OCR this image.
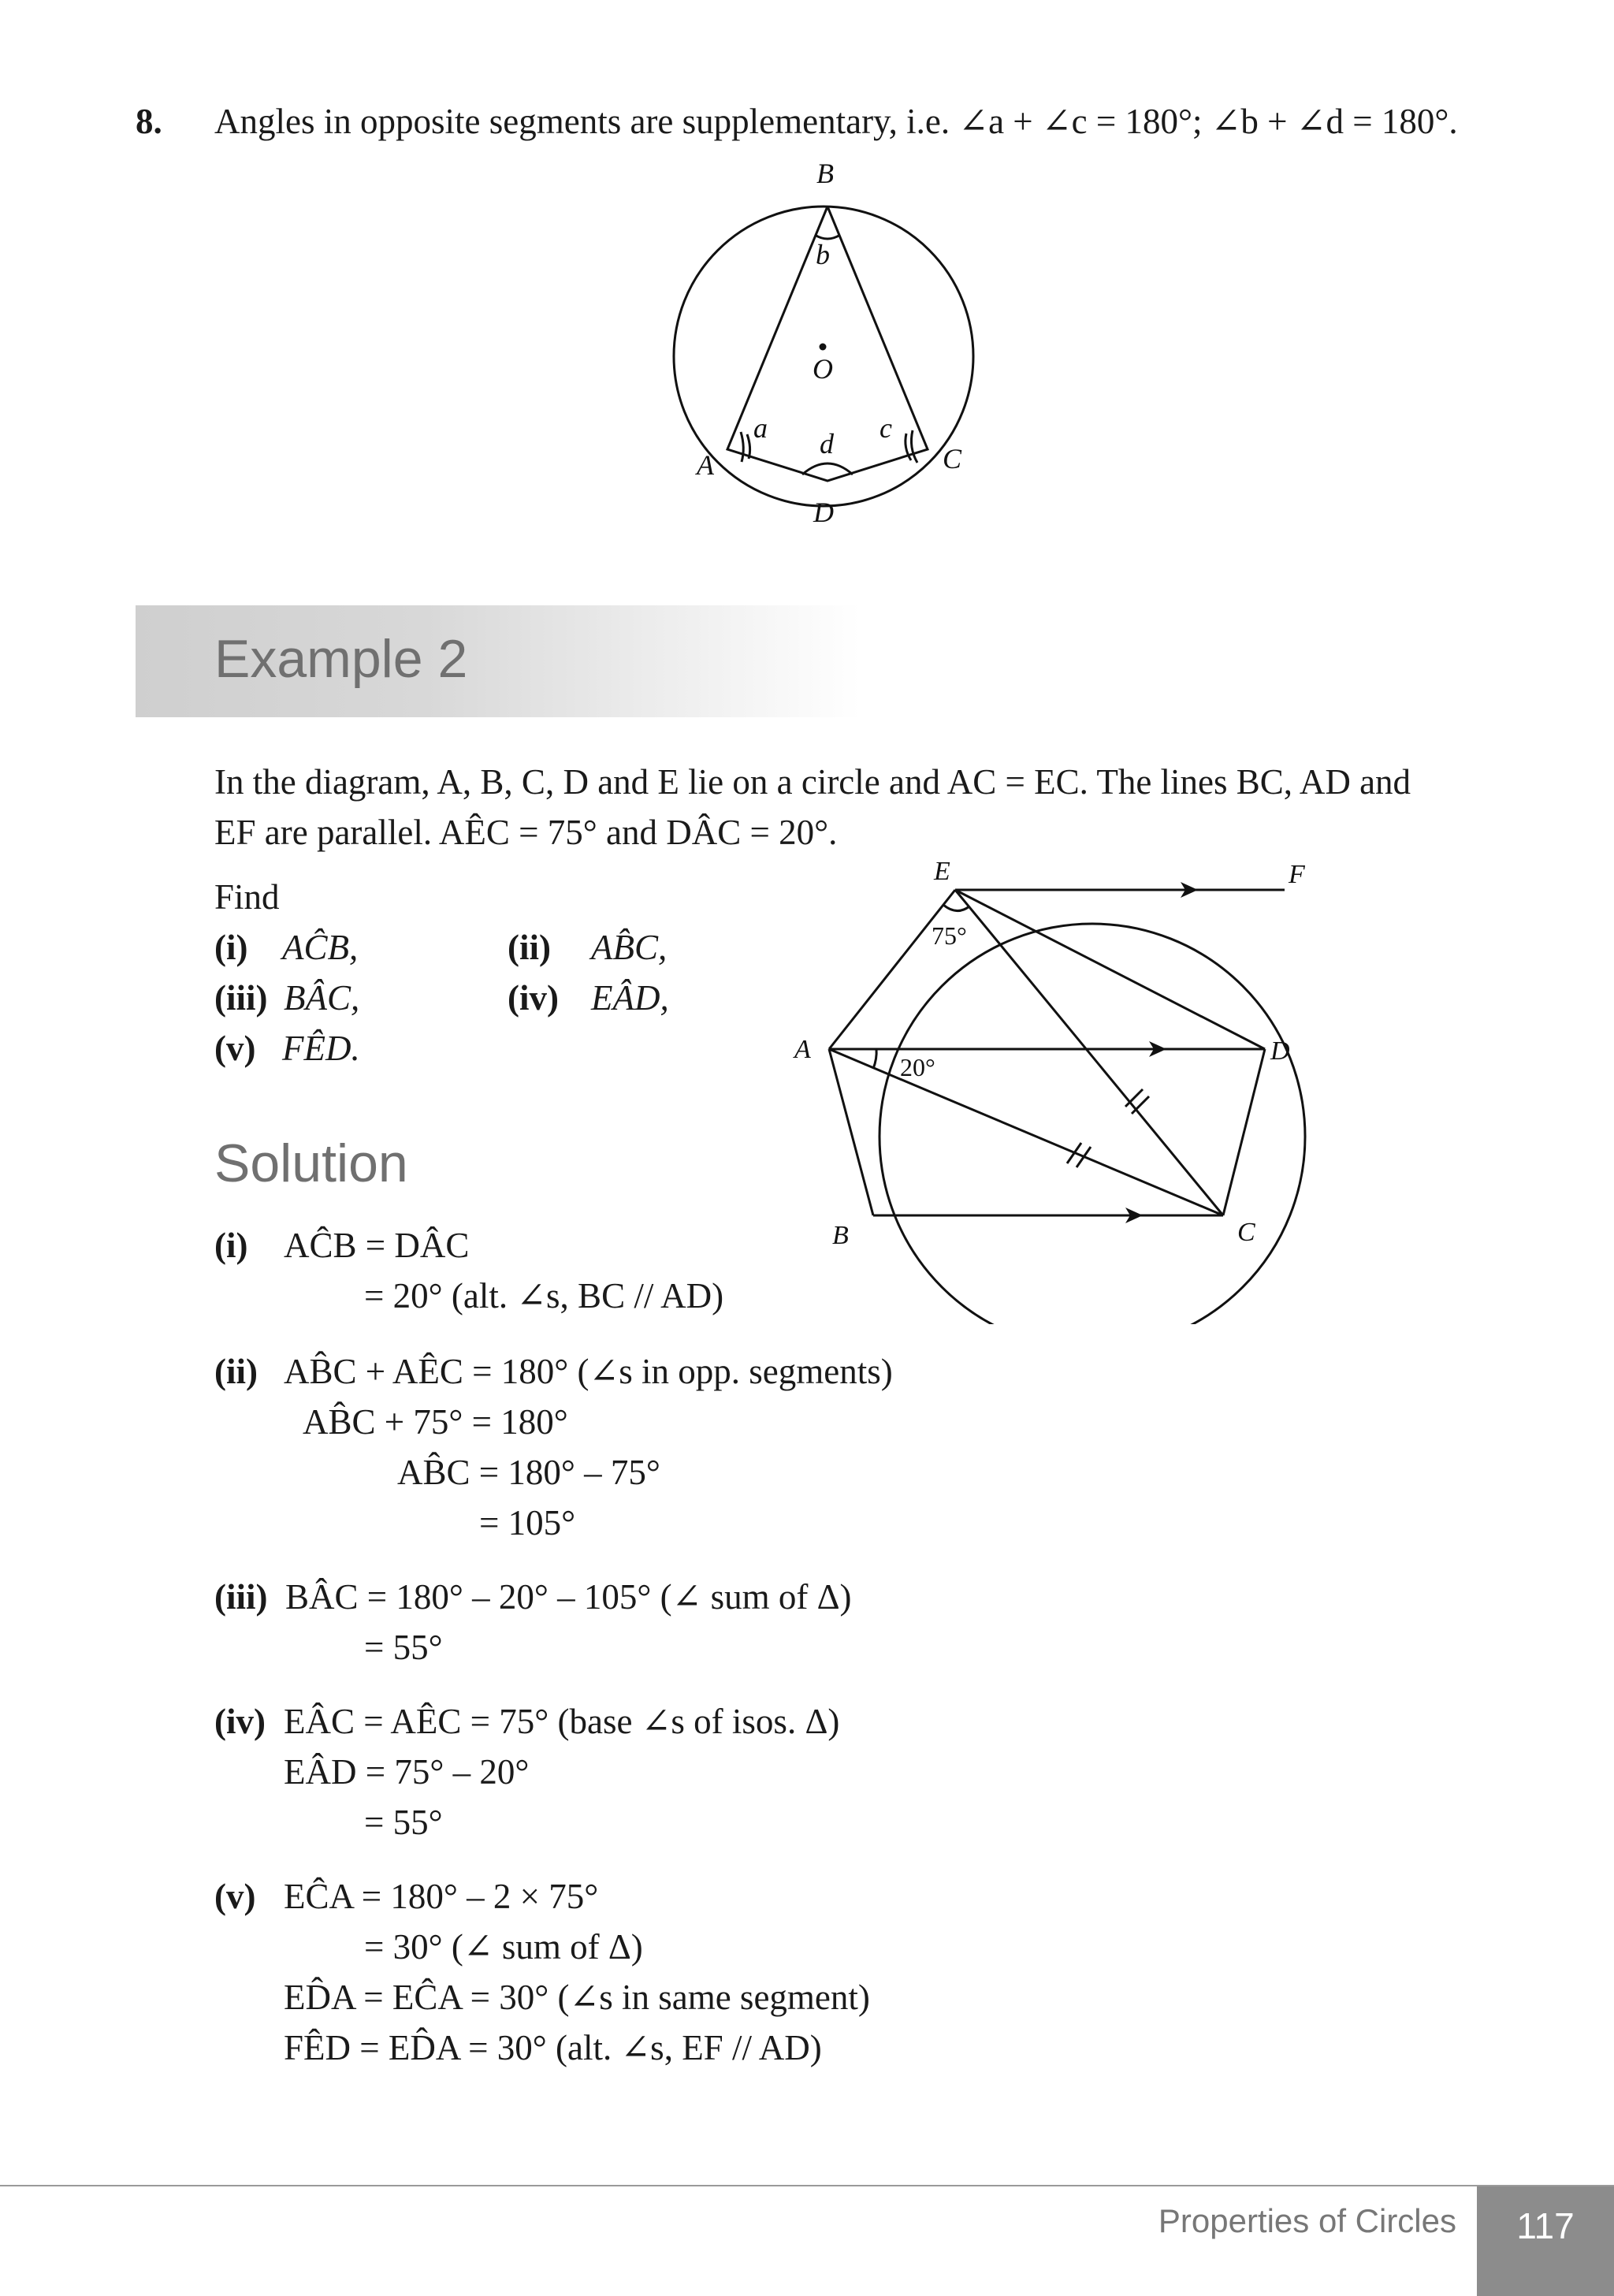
8. Angles in opposite segments are supplementary, i.e. ∠a + ∠c = 180°; ∠b + ∠d = 180°.
B
b
O
a d c
A	C
D
Example 2
In the diagram, A, B, C, D and E lie on a circle and AC = EC. The lines BC, AD and
EF are parallel. AÊC = 75° and DÂC = 20°.
Find
(i) AĈB,	(ii) AB̂C,
(iii) BÂC,	(iv) EÂD,
(v) FÊD.
E	F
A	D
B	C
75°
20°
Solution
(i) AĈB = DÂC
= 20° (alt. ∠s, BC // AD)
(ii) AB̂C + AÊC = 180° (∠s in opp. segments)
AB̂C + 75° = 180°
AB̂C = 180° – 75°
= 105°
(iii) BÂC = 180° – 20° – 105° (∠ sum of Δ)
= 55°
(iv) EÂC = AÊC = 75° (base ∠s of isos. Δ)
EÂD = 75° – 20°
= 55°
(v) EĈA = 180° – 2 × 75°
= 30° (∠ sum of Δ)
ED̂A = EĈA = 30° (∠s in same segment)
FÊD = ED̂A = 30° (alt. ∠s, EF // AD)
Properties of Circles	117
